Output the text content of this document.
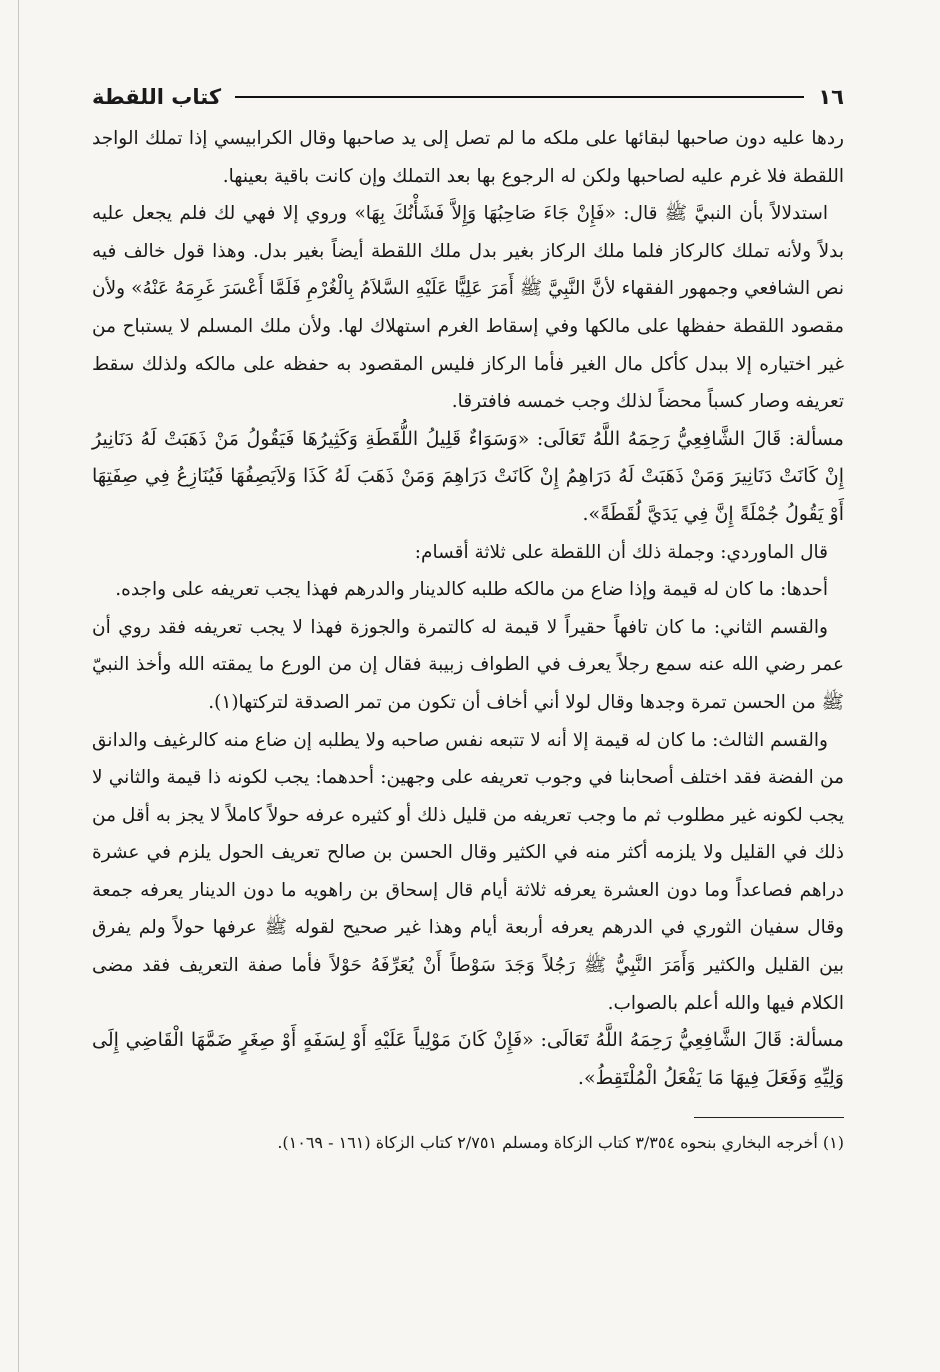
١٦
كتاب اللقطة

ردها عليه دون صاحبها لبقائها على ملكه ما لم تصل إلى يد صاحبها وقال الكرابيسي إذا تملك الواجد اللقطة فلا غرم عليه لصاحبها ولكن له الرجوع بها بعد التملك وإن كانت باقية بعينها.

استدلالاً بأن النبيَّ ﷺ قال: «فَإِنْ جَاءَ صَاحِبُهَا وَإِلاَّ فَشَأْنُكَ بِهَا» وروي إلا فهي لك فلم يجعل عليه بدلاً ولأنه تملك كالركاز فلما ملك الركاز بغير بدل ملك اللقطة أيضاً بغير بدل. وهذا قول خالف فيه نص الشافعي وجمهور الفقهاء لأنَّ النَّبِيَّ ﷺ أَمَرَ عَلِيًّا عَلَيْهِ السَّلاَمُ بِالْغُرْمِ فَلَمَّا أَعْسَرَ غَرِمَهُ عَنْهُ» ولأن مقصود اللقطة حفظها على مالكها وفي إسقاط الغرم استهلاك لها. ولأن ملك المسلم لا يستباح من غير اختياره إلا ببدل كأكل مال الغير فأما الركاز فليس المقصود به حفظه على مالكه ولذلك سقط تعريفه وصار كسباً محضاً لذلك وجب خمسه فافترقا.

مسألة: قَالَ الشَّافِعِيُّ رَحِمَهُ اللَّهُ تَعَالَى: «وَسَوَاءٌ قَلِيلُ اللُّقَطَةِ وَكَثِيرُهَا فَيَقُولُ مَنْ ذَهَبَتْ لَهُ دَنَانِيرُ إِنْ كَانَتْ دَنَانِيرَ وَمَنْ ذَهَبَتْ لَهُ دَرَاهِمُ إِنْ كَانَتْ دَرَاهِمَ وَمَنْ ذَهَبَ لَهُ كَذَا وَلاَيَصِفُهَا فَيُنَازِعُ فِي صِفَتِهَا أَوْ يَقُولُ جُمْلَةً إِنَّ فِي يَدَيَّ لُقَطَةً».

قال الماوردي: وجملة ذلك أن اللقطة على ثلاثة أقسام:

أحدها: ما كان له قيمة وإذا ضاع من مالكه طلبه كالدينار والدرهم فهذا يجب تعريفه على واجده.

والقسم الثاني: ما كان تافهاً حقيراً لا قيمة له كالتمرة والجوزة فهذا لا يجب تعريفه فقد روي أن عمر رضي الله عنه سمع رجلاً يعرف في الطواف زبيبة فقال إن من الورع ما يمقته الله وأخذ النبيّ ﷺ من الحسن تمرة وجدها وقال لولا أني أخاف أن تكون من تمر الصدقة لتركتها(١).

والقسم الثالث: ما كان له قيمة إلا أنه لا تتبعه نفس صاحبه ولا يطلبه إن ضاع منه كالرغيف والدانق من الفضة فقد اختلف أصحابنا في وجوب تعريفه على وجهين: أحدهما: يجب لكونه ذا قيمة والثاني لا يجب لكونه غير مطلوب ثم ما وجب تعريفه من قليل ذلك أو كثيره عرفه حولاً كاملاً لا يجز به أقل من ذلك في القليل ولا يلزمه أكثر منه في الكثير وقال الحسن بن صالح تعريف الحول يلزم في عشرة دراهم فصاعداً وما دون العشرة يعرفه ثلاثة أيام قال إسحاق بن راهويه ما دون الدينار يعرفه جمعة وقال سفيان الثوري في الدرهم يعرفه أربعة أيام وهذا غير صحيح لقوله ﷺ عرفها حولاً ولم يفرق بين القليل والكثير وَأَمَرَ النَّبِيُّ ﷺ رَجُلاً وَجَدَ سَوْطاً أَنْ يُعَرِّفَهُ حَوْلاً فأما صفة التعريف فقد مضى الكلام فيها والله أعلم بالصواب.

مسألة: قَالَ الشَّافِعِيُّ رَحِمَهُ اللَّهُ تَعَالَى: «فَإِنْ كَانَ مَوْلِياً عَلَيْهِ أَوْ لِسَفَهٍ أَوْ صِغَرٍ ضَمَّهَا الْقَاضِي إِلَى وَلِيِّهِ وَفَعَلَ فِيهَا مَا يَفْعَلُ الْمُلْتَقِطُ».

(١) أخرجه البخاري بنحوه ٣/٣٥٤ كتاب الزكاة ومسلم ٢/٧٥١ كتاب الزكاة (١٦١ - ١٠٦٩).
